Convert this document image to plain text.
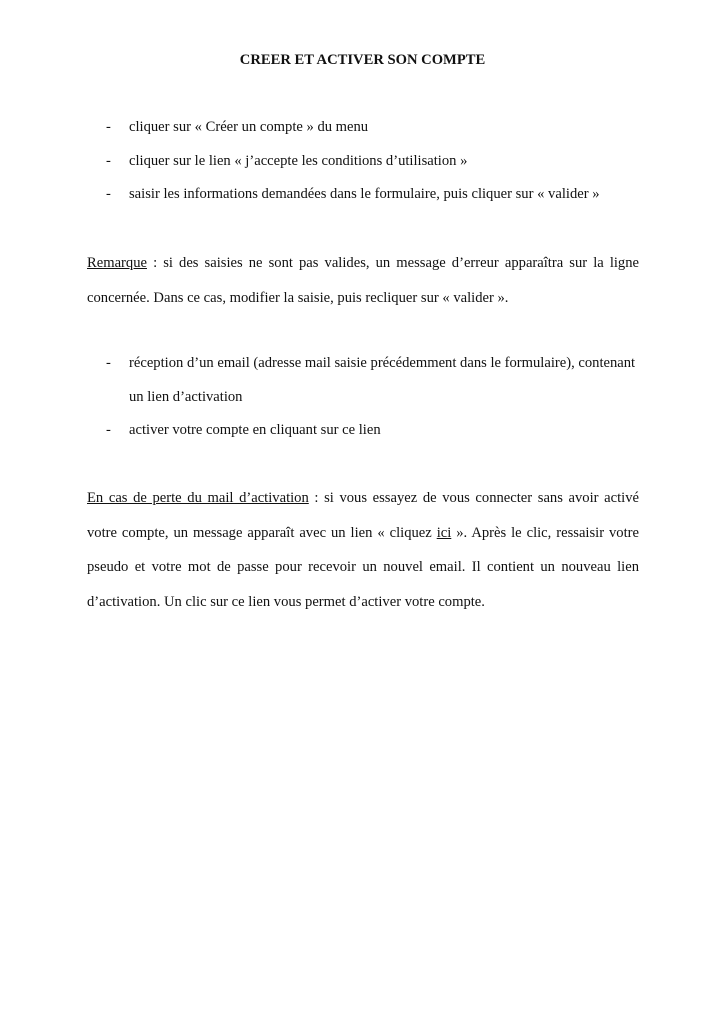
CREER ET ACTIVER SON COMPTE
- cliquer sur « Créer un compte » du menu
- cliquer sur le lien « j’accepte les conditions d’utilisation »
- saisir les informations demandées dans le formulaire, puis cliquer sur « valider »

Remarque : si des saisies ne sont pas valides, un message d’erreur apparaîtra sur la ligne concernée. Dans ce cas, modifier la saisie, puis recliquer sur « valider ».

- réception d’un email (adresse mail saisie précédemment dans le formulaire), contenant un lien d’activation
- activer votre compte en cliquant sur ce lien

En cas de perte du mail d’activation : si vous essayez de vous connecter sans avoir activé votre compte, un message apparaît avec un lien « cliquez ici ». Après le clic, ressaisir votre pseudo et votre mot de passe pour recevoir un nouvel email. Il contient un nouveau lien d’activation. Un clic sur ce lien vous permet d’activer votre compte.
